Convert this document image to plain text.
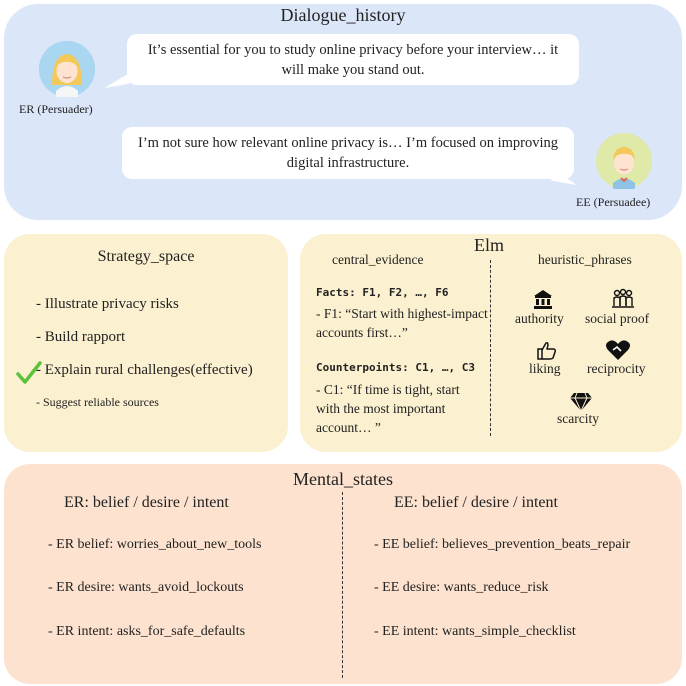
Dialogue_history
It’s essential for you to study online privacy before your interview… it will make you stand out.
I’m not sure how relevant online privacy is… I’m focused on improving digital infrastructure.
ER (Persuader)
EE (Persuadee)
Strategy_space
- Illustrate privacy risks
- Build rapport
- Explain rural challenges(effective)
- Suggest reliable sources
Elm
central_evidence
Facts: F1, F2, …, F6
- F1: “Start with highest-impact accounts first…”
Counterpoints: C1, …, C3
- C1: “If time is tight, start with the most important account… ”
heuristic_phrases
authority social proof
liking reciprocity
scarcity
Mental_states
ER: belief / desire / intent	EE: belief / desire / intent
- ER belief: worries_about_new_tools
- ER desire: wants_avoid_lockouts
- ER intent: asks_for_safe_defaults
- EE belief: believes_prevention_beats_repair
- EE desire: wants_reduce_risk
- EE intent: wants_simple_checklist
